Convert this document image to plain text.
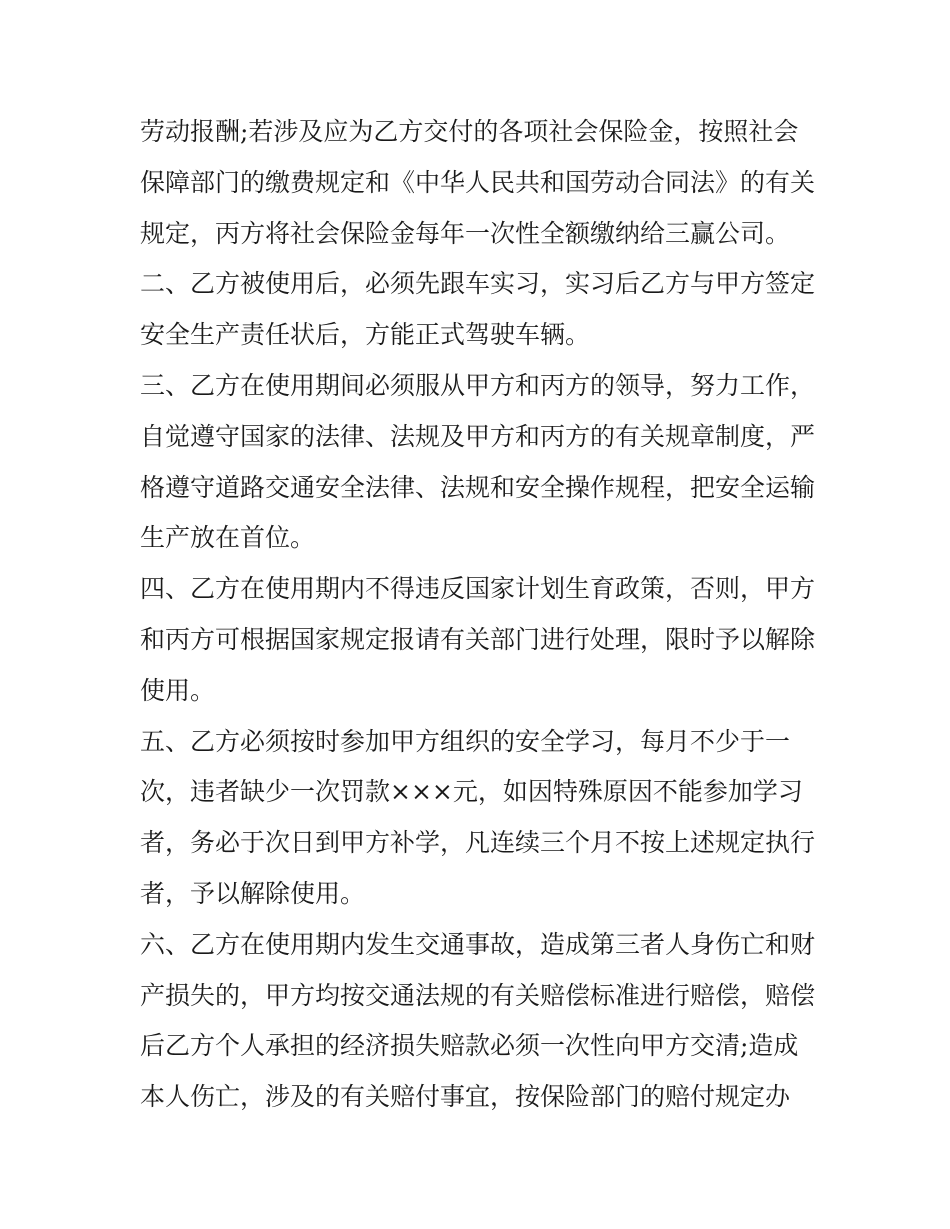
劳动报酬;若涉及应为乙方交付的各项社会保险金，按照社会
保障部门的缴费规定和《中华人民共和国劳动合同法》的有关
规定，丙方将社会保险金每年一次性全额缴纳给三赢公司。
二、乙方被使用后，必须先跟车实习，实习后乙方与甲方签定
安全生产责任状后，方能正式驾驶车辆。
三、乙方在使用期间必须服从甲方和丙方的领导，努力工作，
自觉遵守国家的法律、法规及甲方和丙方的有关规章制度，严
格遵守道路交通安全法律、法规和安全操作规程，把安全运输
生产放在首位。
四、乙方在使用期内不得违反国家计划生育政策，否则，甲方
和丙方可根据国家规定报请有关部门进行处理，限时予以解除
使用。
五、乙方必须按时参加甲方组织的安全学习，每月不少于一
次，违者缺少一次罚款×××元，如因特殊原因不能参加学习
者，务必于次日到甲方补学，凡连续三个月不按上述规定执行
者，予以解除使用。
六、乙方在使用期内发生交通事故，造成第三者人身伤亡和财
产损失的，甲方均按交通法规的有关赔偿标准进行赔偿，赔偿
后乙方个人承担的经济损失赔款必须一次性向甲方交清;造成
本人伤亡，涉及的有关赔付事宜，按保险部门的赔付规定办
